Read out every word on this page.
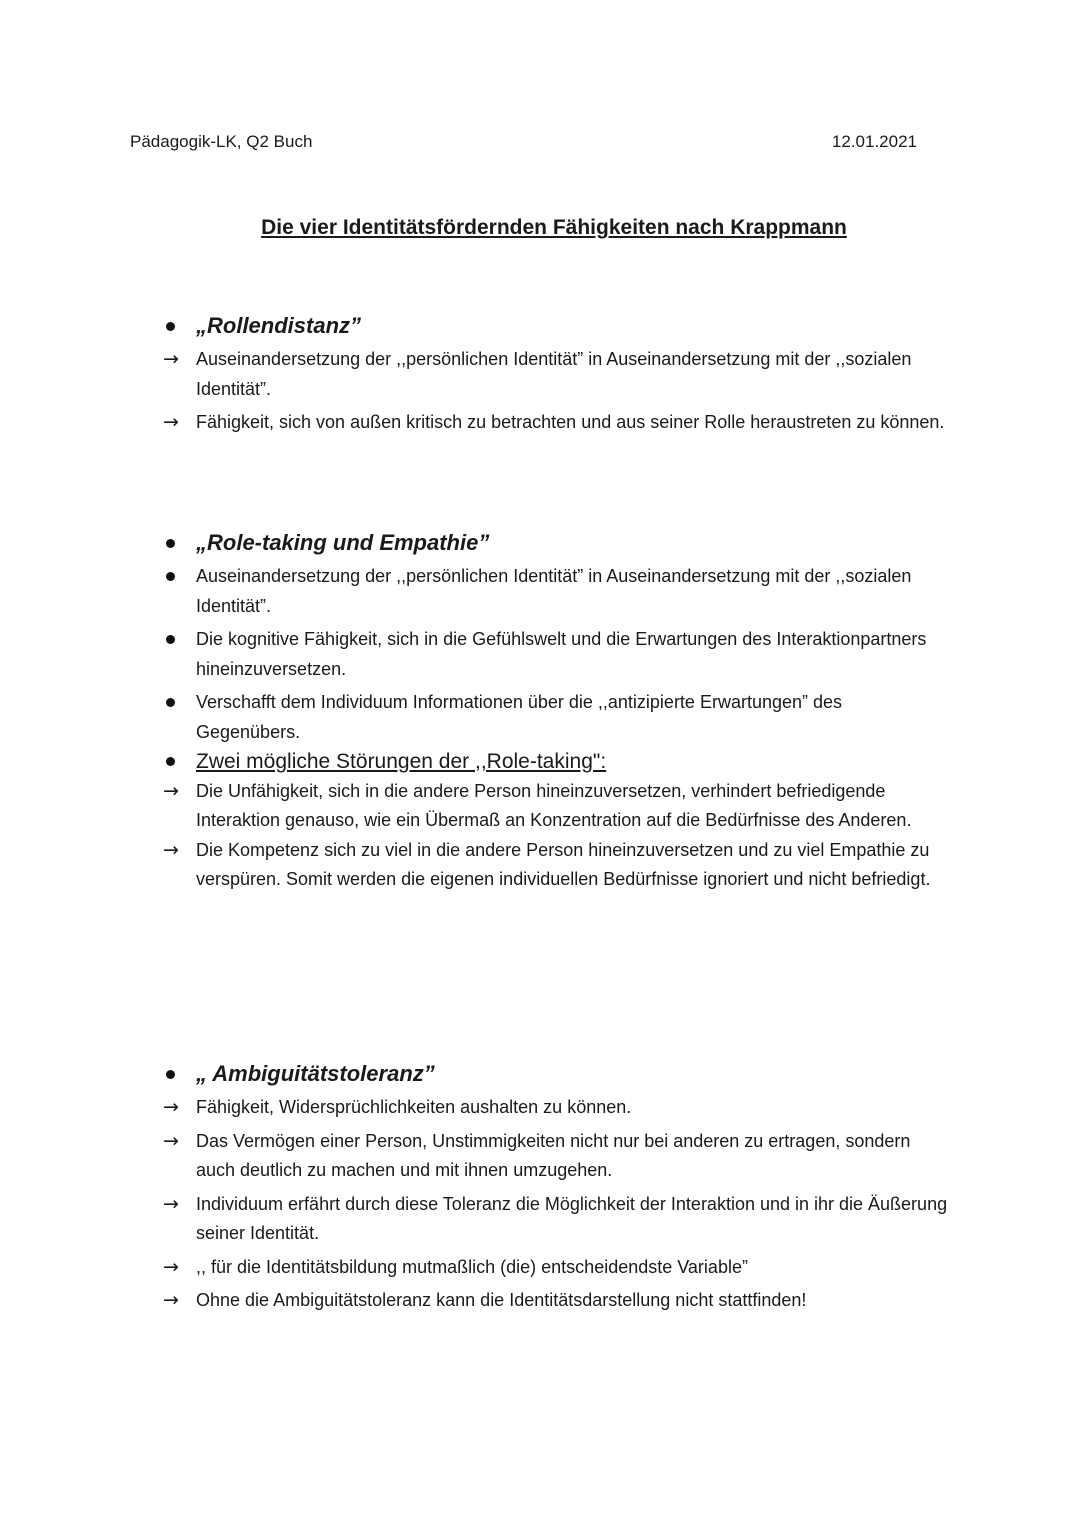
Pädagogik-LK, Q2 Buch	12.01.2021
Die vier Identitätsfördernden Fähigkeiten nach Krappmann
„Rollendistanz”
→ Auseinandersetzung der ,,persönlichen Identität” in Auseinandersetzung mit der ,,sozialen Identität”.
→ Fähigkeit, sich von außen kritisch zu betrachten und aus seiner Rolle heraustreten zu können.
„Role-taking und Empathie”
Auseinandersetzung der ,,persönlichen Identität” in Auseinandersetzung mit der ,,sozialen Identität”.
Die kognitive Fähigkeit, sich in die Gefühlswelt und die Erwartungen des Interaktionpartners hineinzuversetzen.
Verschafft dem Individuum Informationen über die ,,antizipierte Erwartungen” des Gegenübers.
Zwei mögliche Störungen der ,,Role-taking":
→ Die Unfähigkeit, sich in die andere Person hineinzuversetzen, verhindert befriedigende Interaktion genauso, wie ein Übermaß an Konzentration auf die Bedürfnisse des Anderen.
→ Die Kompetenz sich zu viel in die andere Person hineinzuversetzen und zu viel Empathie zu verspüren. Somit werden die eigenen individuellen Bedürfnisse ignoriert und nicht befriedigt.
„ Ambiguitätstoleranz”
→ Fähigkeit, Widersprüchlichkeiten aushalten zu können.
→ Das Vermögen einer Person, Unstimmigkeiten nicht nur bei anderen zu ertragen, sondern auch deutlich zu machen und mit ihnen umzugehen.
→ Individuum erfährt durch diese Toleranz die Möglichkeit der Interaktion und in ihr die Äußerung seiner Identität.
→ ,, für die Identitätsbildung mutmaßlich (die) entscheidendste Variable”
→ Ohne die Ambiguitätstoleranz kann die Identitätsdarstellung nicht stattfinden!
